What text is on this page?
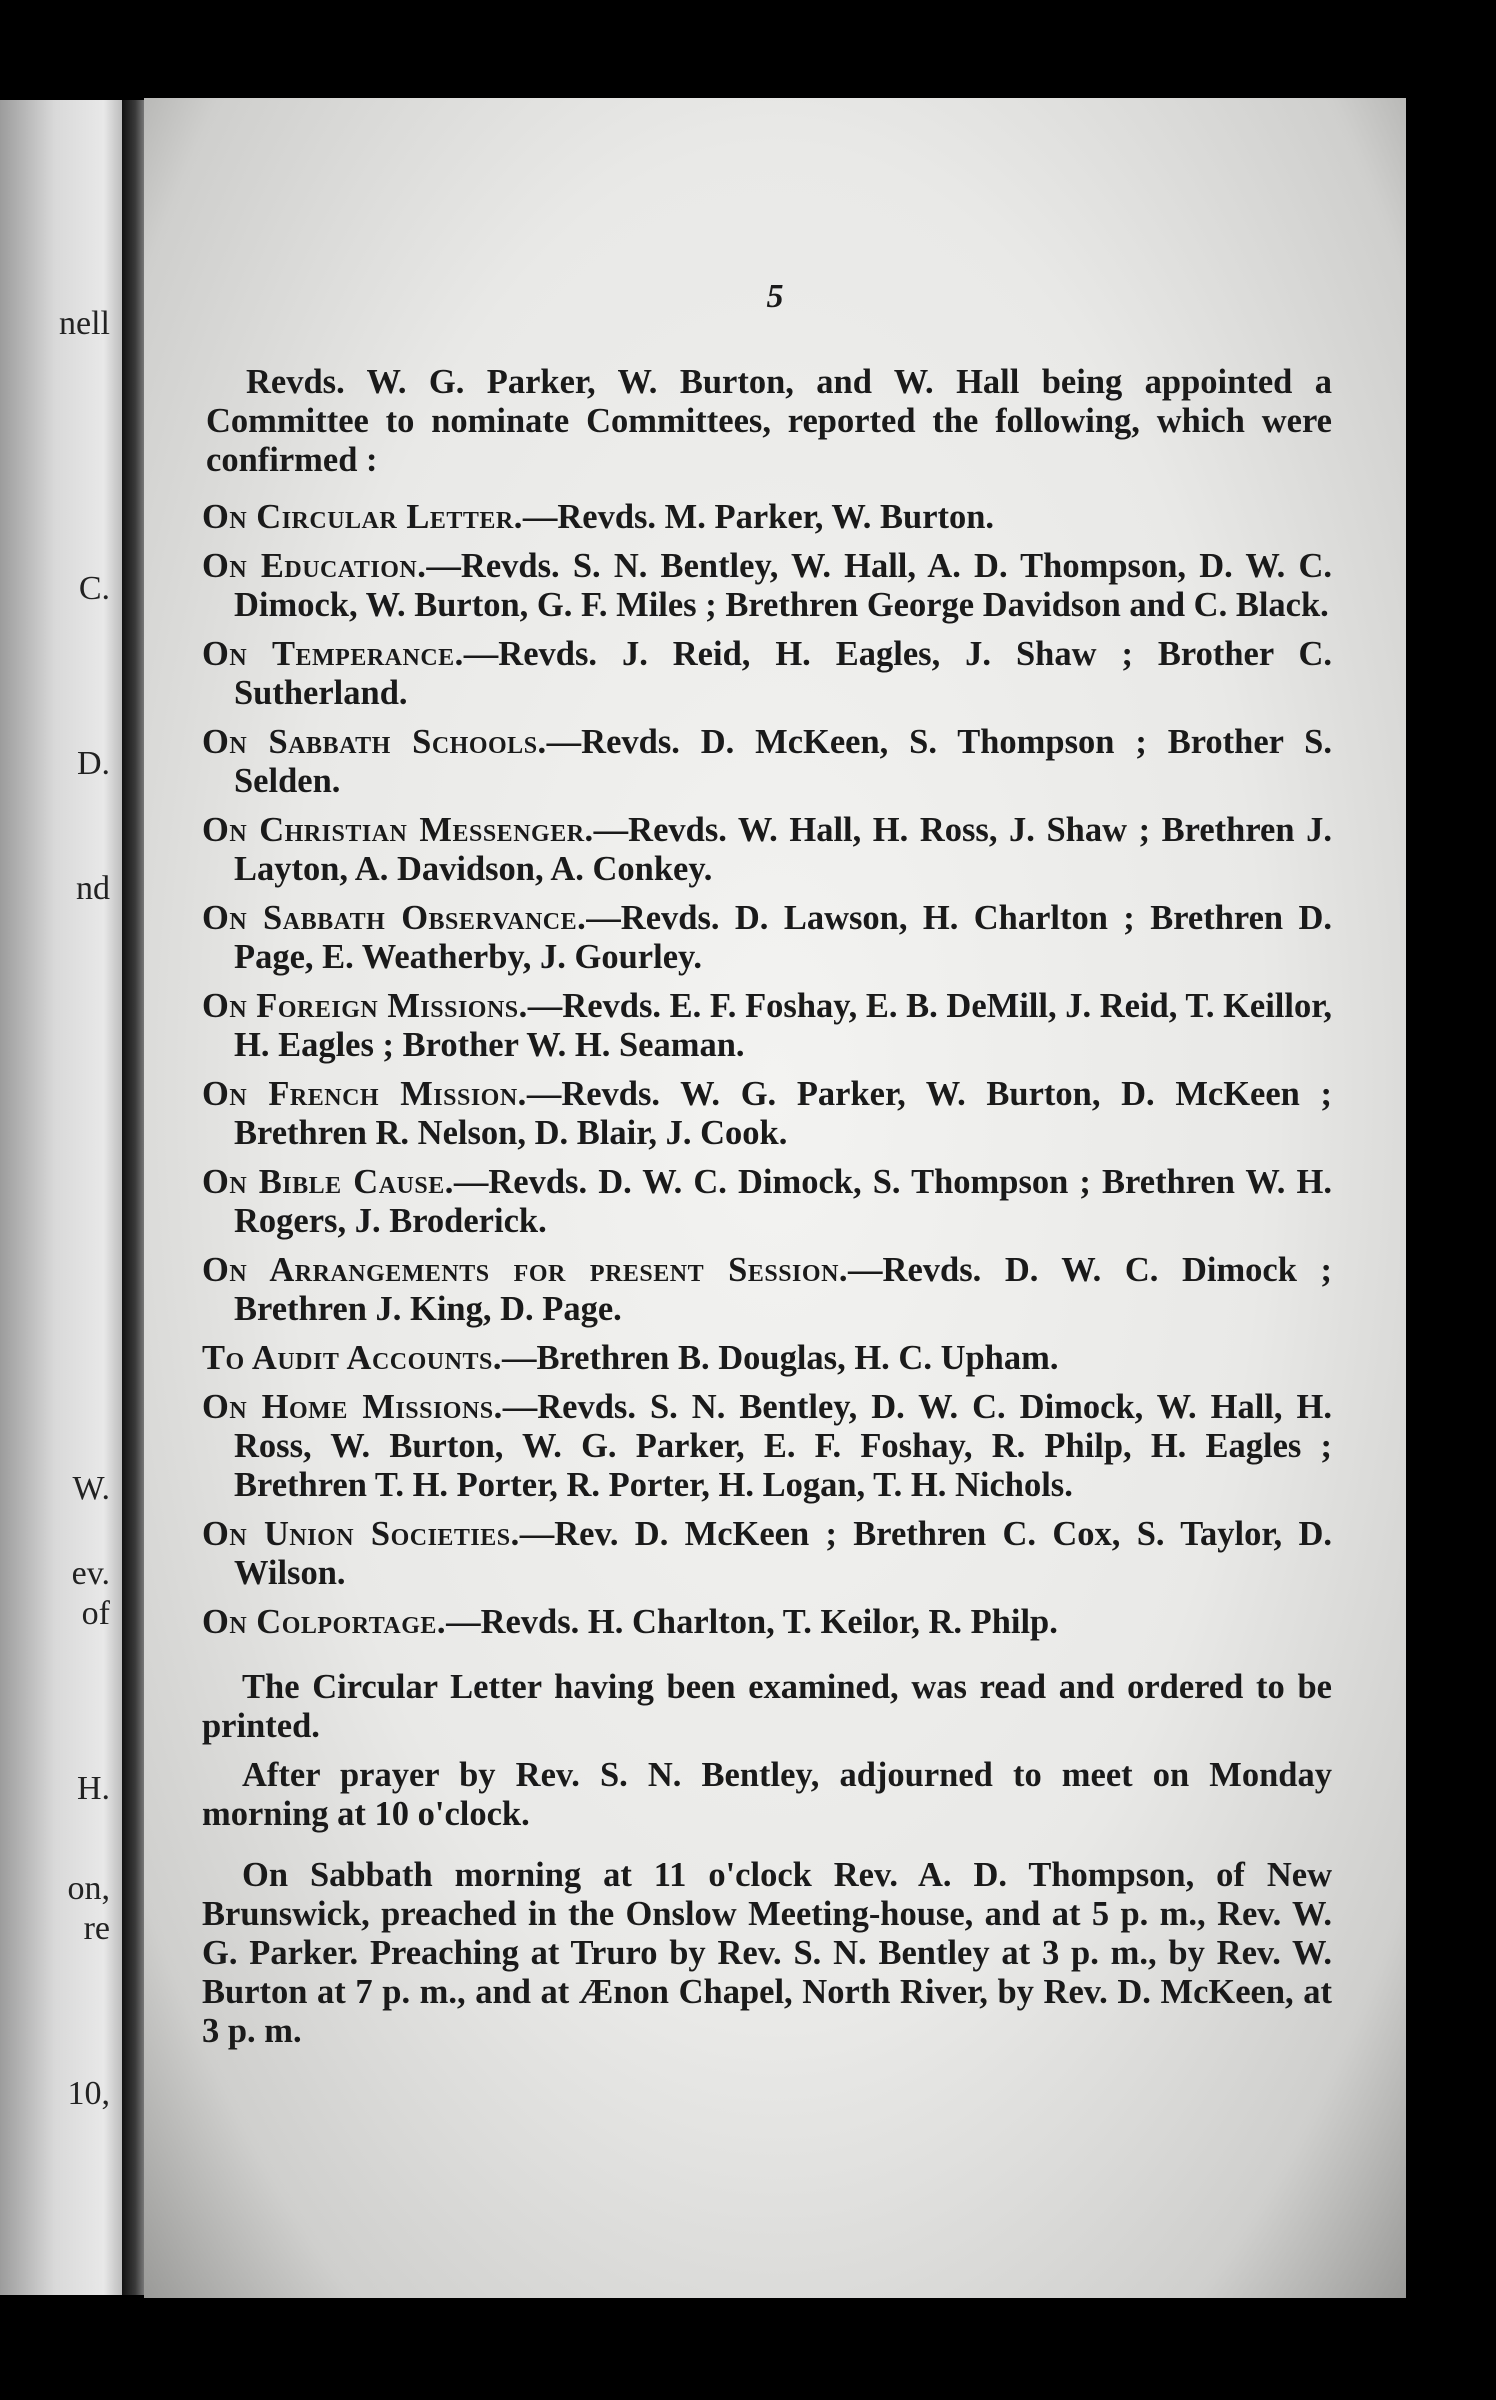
nell
C.
D.
nd
W.
ev.
of
H.
on,
re
10,
5

Revds. W. G. Parker, W. Burton, and W. Hall being appointed a Committee to nominate Committees, reported the following, which were confirmed :

On Circular Letter.—Revds. M. Parker, W. Burton.

On Education.—Revds. S. N. Bentley, W. Hall, A. D. Thompson, D. W. C. Dimock, W. Burton, G. F. Miles ; Brethren George Davidson and C. Black.

On Temperance.—Revds. J. Reid, H. Eagles, J. Shaw ; Brother C. Sutherland.

On Sabbath Schools.—Revds. D. McKeen, S. Thompson ; Brother S. Selden.

On Christian Messenger.—Revds. W. Hall, H. Ross, J. Shaw ; Brethren J. Layton, A. Davidson, A. Conkey.

On Sabbath Observance.—Revds. D. Lawson, H. Charlton ; Brethren D. Page, E. Weatherby, J. Gourley.

On Foreign Missions.—Revds. E. F. Foshay, E. B. DeMill, J. Reid, T. Keillor, H. Eagles ; Brother W. H. Seaman.

On French Mission.—Revds. W. G. Parker, W. Burton, D. McKeen ; Brethren R. Nelson, D. Blair, J. Cook.

On Bible Cause.—Revds. D. W. C. Dimock, S. Thompson ; Brethren W. H. Rogers, J. Broderick.

On Arrangements for present Session.—Revds. D. W. C. Dimock ; Brethren J. King, D. Page.

To Audit Accounts.—Brethren B. Douglas, H. C. Upham.

On Home Missions.—Revds. S. N. Bentley, D. W. C. Dimock, W. Hall, H. Ross, W. Burton, W. G. Parker, E. F. Foshay, R. Philp, H. Eagles ; Brethren T. H. Porter, R. Porter, H. Logan, T. H. Nichols.

On Union Societies.—Rev. D. McKeen ; Brethren C. Cox, S. Taylor, D. Wilson.

On Colportage.—Revds. H. Charlton, T. Keilor, R. Philp.

The Circular Letter having been examined, was read and ordered to be printed.

After prayer by Rev. S. N. Bentley, adjourned to meet on Monday morning at 10 o'clock.

On Sabbath morning at 11 o'clock Rev. A. D. Thompson, of New Brunswick, preached in the Onslow Meeting-house, and at 5 p. m., Rev. W. G. Parker. Preaching at Truro by Rev. S. N. Bentley at 3 p. m., by Rev. W. Burton at 7 p. m., and at Ænon Chapel, North River, by Rev. D. McKeen, at 3 p. m.
